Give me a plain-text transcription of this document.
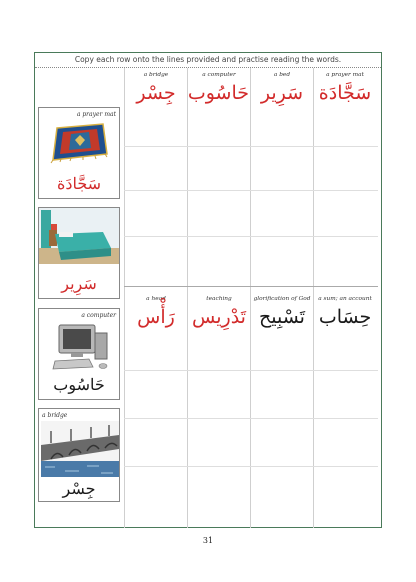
Copy each row onto the lines provided and practise reading the words.
a prayer mat
سَجَّادَة
سَرِير
a computer
حَاسُوب
a bridge
جِسْر
a bridge
جِسْر
a computer
حَاسُوب
a bed
سَرِير
a prayer mat
سَجَّادَة
a head
رَأْس
teaching
تَدْرِيس
glorification of God
تَسْبِيح
a sum; an account
حِسَاب
31
